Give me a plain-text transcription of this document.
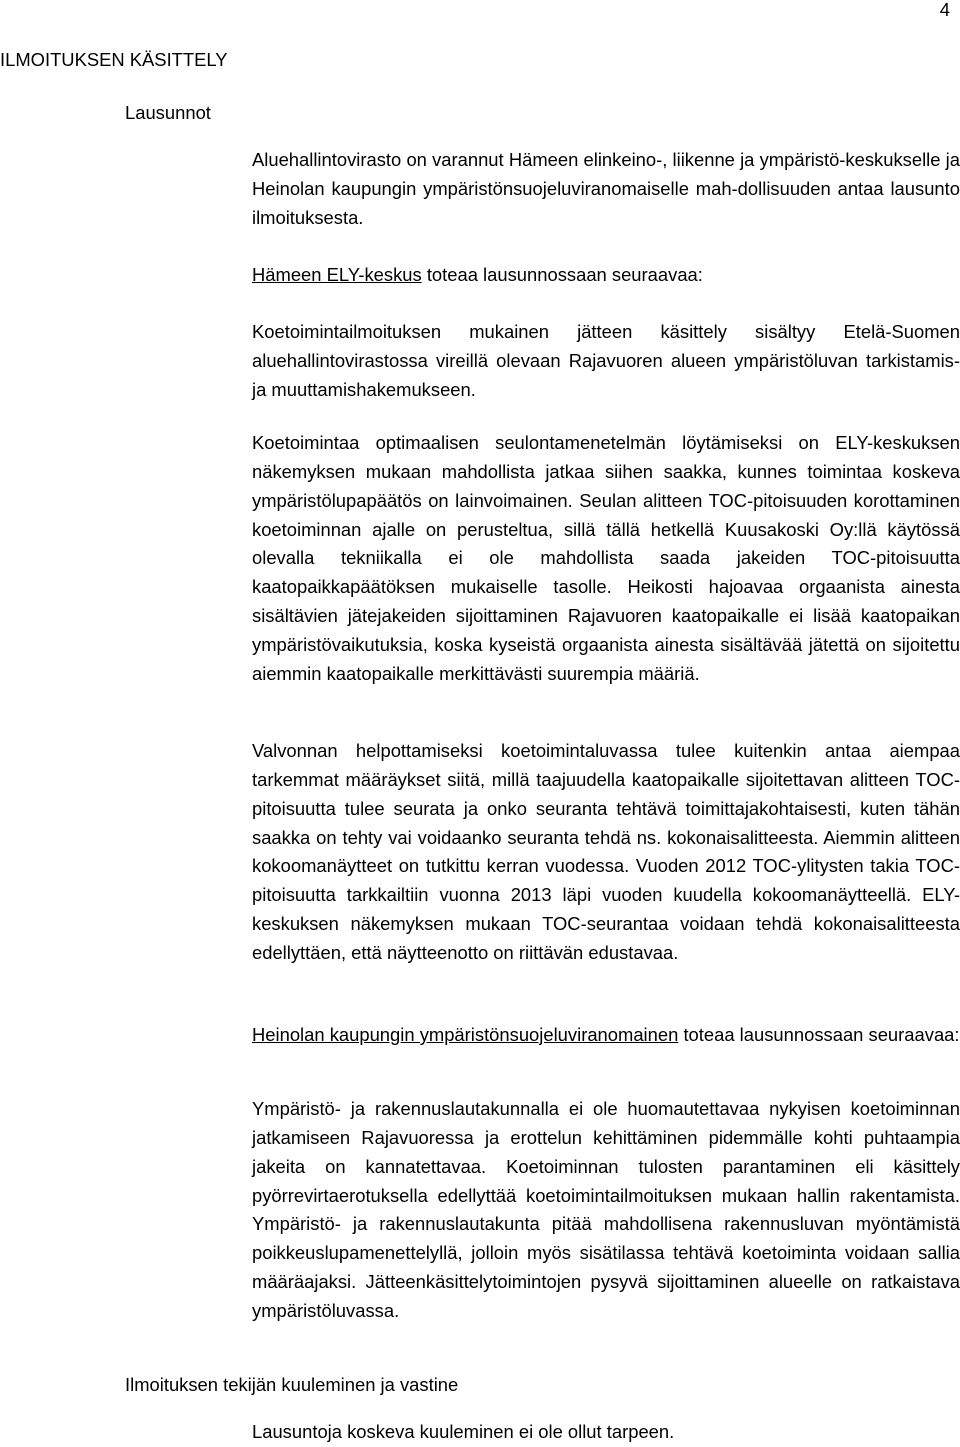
4
ILMOITUKSEN KÄSITTELY
Lausunnot

Aluehallintovirasto on varannut Hämeen elinkeino-, liikenne ja ympäristö-keskukselle ja Heinolan kaupungin ympäristönsuojeluviranomaiselle mah-dollisuuden antaa lausunto ilmoituksesta.

Hämeen ELY-keskus toteaa lausunnossaan seuraavaa:

Koetoimintailmoituksen mukainen jätteen käsittely sisältyy Etelä-Suomen aluehallintovirastossa vireillä olevaan Rajavuoren alueen ympäristöluvan tarkistamis- ja muuttamishakemukseen.

Koetoimintaa optimaalisen seulontamenetelmän löytämiseksi on ELY-keskuksen näkemyksen mukaan mahdollista jatkaa siihen saakka, kunnes toimintaa koskeva ympäristölupapäätös on lainvoimainen. Seulan alitteen TOC-pitoisuuden korottaminen koetoiminnan ajalle on perusteltua, sillä tällä hetkellä Kuusakoski Oy:llä käytössä olevalla tekniikalla ei ole mahdollista saada jakeiden TOC-pitoisuutta kaatopaikkapäätöksen mukaiselle tasolle. Heikosti hajoavaa orgaanista ainesta sisältävien jätejakeiden sijoittaminen Rajavuoren kaatopaikalle ei lisää kaatopaikan ympäristövaikutuksia, koska kyseistä orgaanista ainesta sisältävää jätettä on sijoitettu aiemmin kaatopaikalle merkittävästi suurempia määriä.

Valvonnan helpottamiseksi koetoimintaluvassa tulee kuitenkin antaa aiempaa tarkemmat määräykset siitä, millä taajuudella kaatopaikalle sijoitettavan alitteen TOC-pitoisuutta tulee seurata ja onko seuranta tehtävä toimittajakohtaisesti, kuten tähän saakka on tehty vai voidaanko seuranta tehdä ns. kokonaisalitteesta. Aiemmin alitteen kokoomanäytteet on tutkittu kerran vuodessa. Vuoden 2012 TOC-ylitysten takia TOC-pitoisuutta tarkkailtiin vuonna 2013 läpi vuoden kuudella kokoomanäytteellä. ELY-keskuksen näkemyksen mukaan TOC-seurantaa voidaan tehdä kokonaisalitteesta edellyttäen, että näytteenotto on riittävän edustavaa.

Heinolan kaupungin ympäristönsuojeluviranomainen toteaa lausunnossaan seuraavaa:

Ympäristö- ja rakennuslautakunnalla ei ole huomautettavaa nykyisen koetoiminnan jatkamiseen Rajavuoressa ja erottelun kehittäminen pidemmälle kohti puhtaampia jakeita on kannatettavaa. Koetoiminnan tulosten parantaminen eli käsittely pyörrevirtaerotuksella edellyttää koetoimintailmoituksen mukaan hallin rakentamista. Ympäristö- ja rakennuslautakunta pitää mahdollisena rakennusluvan myöntämistä poikkeuslupamenettelyllä, jolloin myös sisätilassa tehtävä koetoiminta voidaan sallia määräajaksi. Jätteenkäsittelytoimintojen pysyvä sijoittaminen alueelle on ratkaistava ympäristöluvassa.

Ilmoituksen tekijän kuuleminen ja vastine

Lausuntoja koskeva kuuleminen ei ole ollut tarpeen.
